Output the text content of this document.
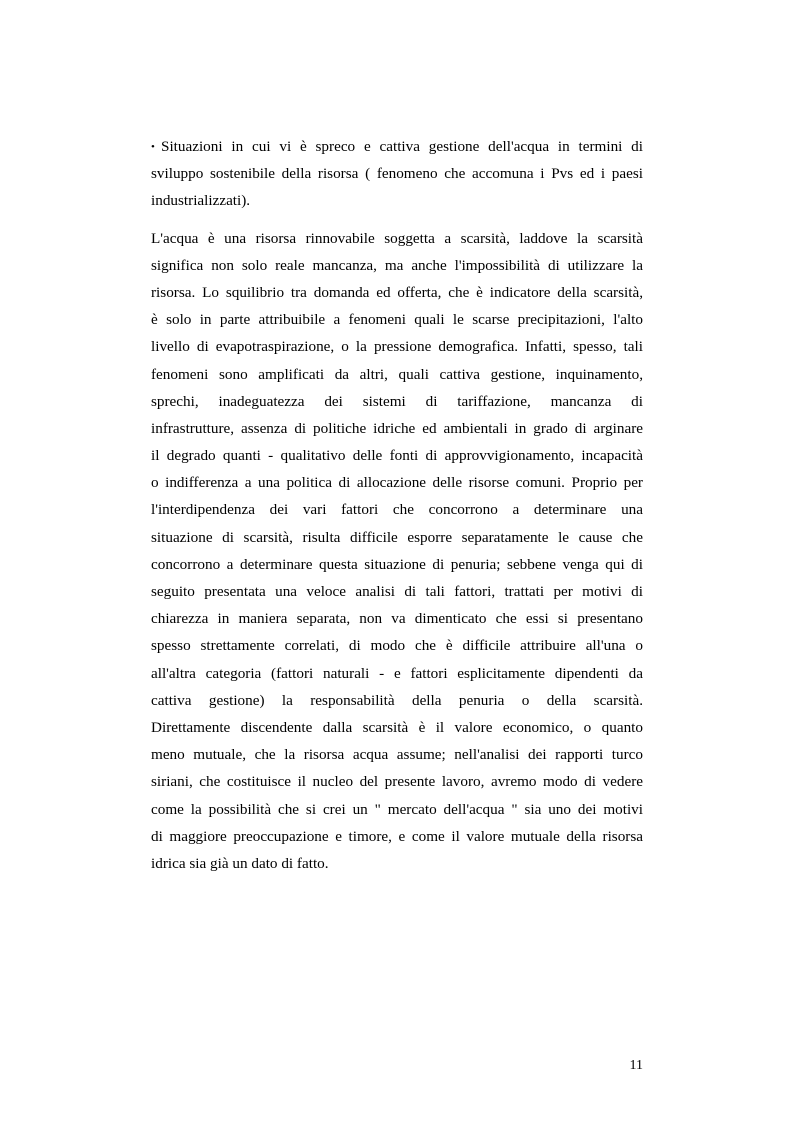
• Situazioni in cui vi è spreco e cattiva gestione dell'acqua in termini di
sviluppo sostenibile della risorsa ( fenomeno che accomuna i Pvs ed i paesi
industrializzati).
L'acqua è una risorsa rinnovabile soggetta a scarsità, laddove la scarsità
significa non solo reale mancanza, ma anche l'impossibilità di utilizzare la
risorsa. Lo squilibrio tra domanda ed offerta, che è indicatore della scarsità,
è solo in parte attribuibile a fenomeni quali le scarse precipitazioni, l'alto
livello di evapotraspirazione, o la pressione demografica. Infatti, spesso, tali
fenomeni sono amplificati da altri, quali cattiva gestione, inquinamento,
sprechi, inadeguatezza dei sistemi di tariffazione, mancanza di
infrastrutture, assenza di politiche idriche ed ambientali in grado di arginare
il degrado quanti - qualitativo delle fonti di approvvigionamento, incapacità
o indifferenza a una politica di allocazione delle risorse comuni. Proprio per
l'interdipendenza dei vari fattori che concorrono a determinare una
situazione di scarsità, risulta difficile esporre separatamente le cause che
concorrono a determinare questa situazione di penuria; sebbene venga qui di
seguito presentata una veloce analisi di tali fattori, trattati per motivi di
chiarezza in maniera separata, non va dimenticato che essi si presentano
spesso strettamente correlati, di modo che è difficile attribuire all'una o
all'altra categoria (fattori naturali - e fattori esplicitamente dipendenti da
cattiva gestione) la responsabilità della penuria o della scarsità.
Direttamente discendente dalla scarsità è il valore economico, o quanto
meno mutuale, che la risorsa acqua assume; nell'analisi dei rapporti turco
siriani, che costituisce il nucleo del presente lavoro, avremo modo di vedere
come la possibilità che si crei un " mercato dell'acqua " sia uno dei motivi
di maggiore preoccupazione e timore, e come il valore mutuale della risorsa
idrica sia già un dato di fatto.
11
